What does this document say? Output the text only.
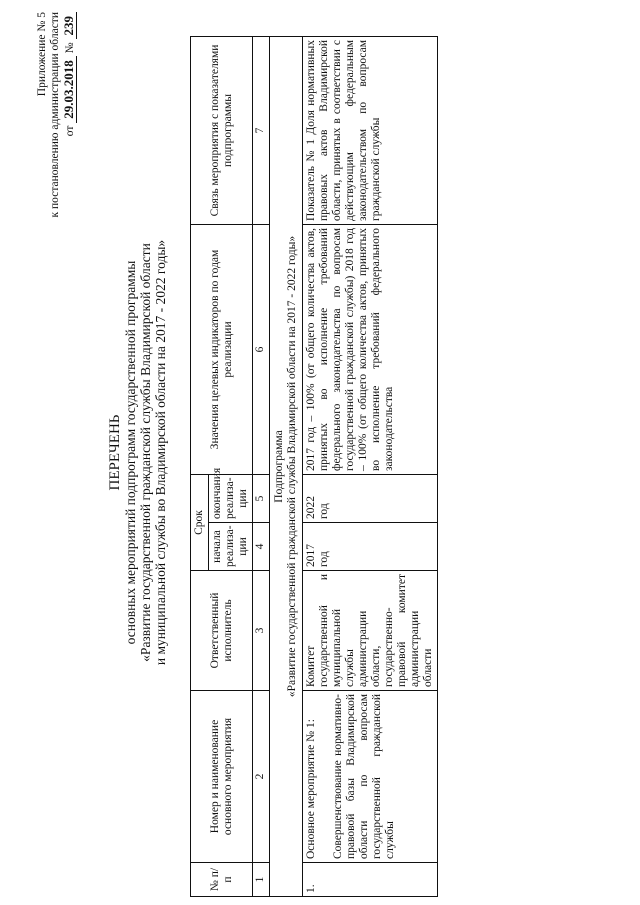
Приложение № 5 к постановлению администрации области от 29.03.2018 № 239
ПЕРЕЧЕНЬ основных мероприятий подпрограмм государственной программы «Развитие государственной гражданской службы Владимирской области и муниципальной службы во Владимирской области на 2017 - 2022 годы»
№ п/п	Номер и наименование основного мероприятия	Ответственный исполнитель	Срок		Значения целевых индикаторов по годам реализации	Связь мероприятия с показателями подпрограммы
			начала реализа-ции	окончания реализа-ции		
1	2	3	4	5	6	7

Подпрограмма «Развитие государственной гражданской службы Владимирской области на 2017 - 2022 годы»						

1.	Основное мероприятие № 1: Совершенствование нормативно-правовой базы Владимирской области по вопросам государственной гражданской службы	Комитет государственной и муниципальной службы администрации области, государственно-правовой комитет администрации области	2017 год	2022 год	2017 год – 100% (от общего количества актов, принятых во исполнение требований федерального законодательства по вопросам государственной гражданской службы) 2018 год – 100% (от общего количества актов, принятых во исполнение требований федерального законодательства	Показатель № 1 Доля нормативных правовых актов Владимирской области, принятых в соответствии с действующим федеральным законодательством по вопросам гражданской службы
